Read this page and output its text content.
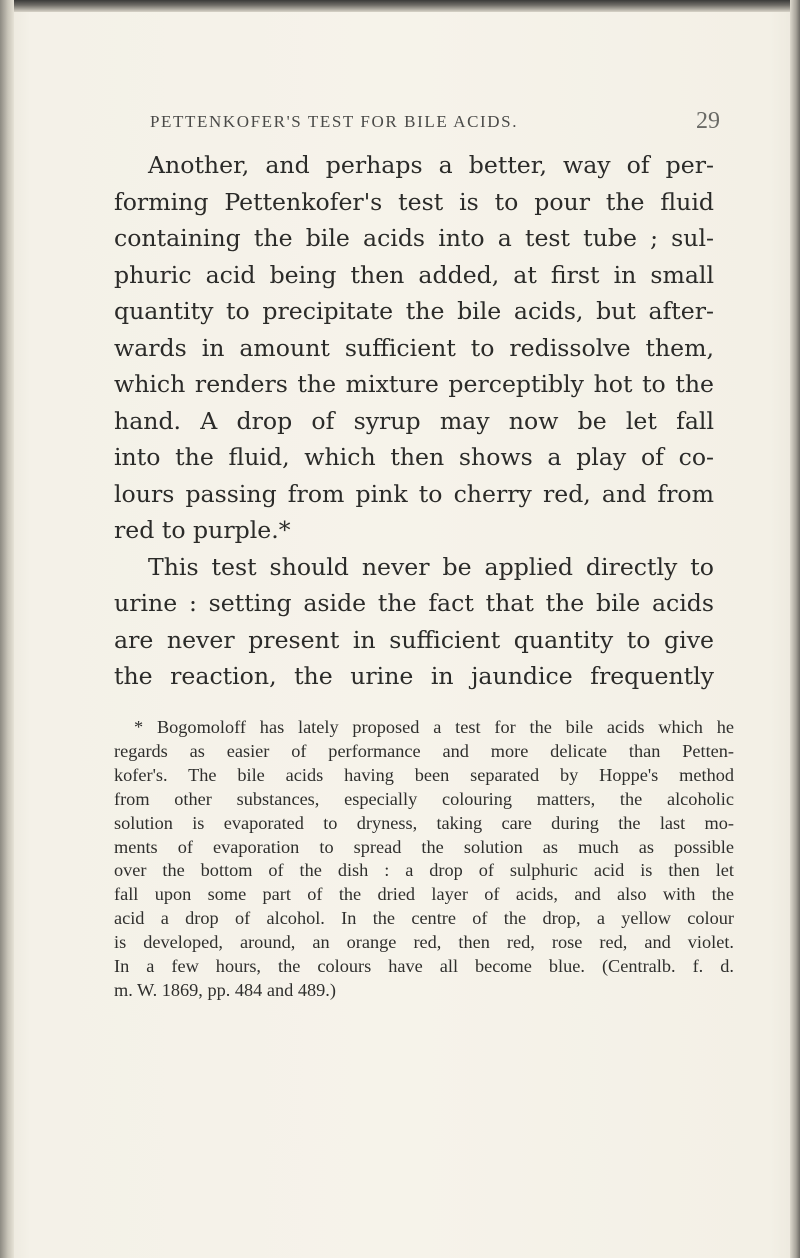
PETTENKOFER'S TEST FOR BILE ACIDS.	29
Another, and perhaps a better, way of per-
forming Pettenkofer's test is to pour the fluid
containing the bile acids into a test tube ; sul-
phuric acid being then added, at first in small
quantity to precipitate the bile acids, but after-
wards in amount sufficient to redissolve them,
which renders the mixture perceptibly hot to the
hand. A drop of syrup may now be let fall
into the fluid, which then shows a play of co-
lours passing from pink to cherry red, and from
red to purple.*
This test should never be applied directly to
urine : setting aside the fact that the bile acids
are never present in sufficient quantity to give
the reaction, the urine in jaundice frequently
* Bogomoloff has lately proposed a test for the bile acids which he
regards as easier of performance and more delicate than Petten-
kofer's. The bile acids having been separated by Hoppe's method
from other substances, especially colouring matters, the alcoholic
solution is evaporated to dryness, taking care during the last mo-
ments of evaporation to spread the solution as much as possible
over the bottom of the dish : a drop of sulphuric acid is then let
fall upon some part of the dried layer of acids, and also with the
acid a drop of alcohol. In the centre of the drop, a yellow colour
is developed, around, an orange red, then red, rose red, and violet.
In a few hours, the colours have all become blue. (Centralb. f. d.
m. W. 1869, pp. 484 and 489.)
